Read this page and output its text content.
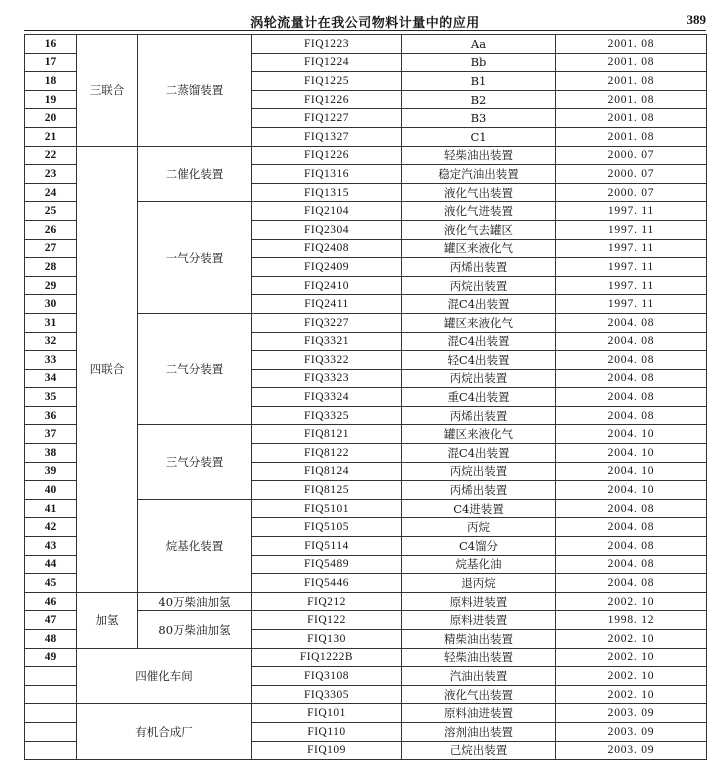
涡轮流量计在我公司物料计量中的应用	389
16	三联合	二蒸馏装置	FIQ1223	Aa	2001. 08
17			FIQ1224	Bb	2001. 08
18			FIQ1225	B1	2001. 08
19			FIQ1226	B2	2001. 08
20			FIQ1227	B3	2001. 08
21			FIQ1327	C1	2001. 08
22	四联合	二催化装置	FIQ1226	轻柴油出装置	2000. 07
23			FIQ1316	稳定汽油出装置	2000. 07
24			FIQ1315	液化气出装置	2000. 07
25		一气分装置	FIQ2104	液化气进装置	1997. 11
26			FIQ2304	液化气去罐区	1997. 11
27			FIQ2408	罐区来液化气	1997. 11
28			FIQ2409	丙烯出装置	1997. 11
29			FIQ2410	丙烷出装置	1997. 11
30			FIQ2411	混C4出装置	1997. 11
31		二气分装置	FIQ3227	罐区来液化气	2004. 08
32			FIQ3321	混C4出装置	2004. 08
33			FIQ3322	轻C4出装置	2004. 08
34			FIQ3323	丙烷出装置	2004. 08
35			FIQ3324	重C4出装置	2004. 08
36			FIQ3325	丙烯出装置	2004. 08
37		三气分装置	FIQ8121	罐区来液化气	2004. 10
38			FIQ8122	混C4出装置	2004. 10
39			FIQ8124	丙烷出装置	2004. 10
40			FIQ8125	丙烯出装置	2004. 10
41		烷基化装置	FIQ5101	C4进装置	2004. 08
42			FIQ5105	丙烷	2004. 08
43			FIQ5114	C4馏分	2004. 08
44			FIQ5489	烷基化油	2004. 08
45			FIQ5446	退丙烷	2004. 08
46	加氢	40万柴油加氢	FIQ212	原料进装置	2002. 10
47		80万柴油加氢	FIQ122	原料进装置	1998. 12
48			FIQ130	精柴油出装置	2002. 10
49	四催化车间		FIQ1222B	轻柴油出装置	2002. 10
			FIQ3108	汽油出装置	2002. 10
			FIQ3305	液化气出装置	2002. 10
	有机合成厂		FIQ101	原料油进装置	2003. 09
			FIQ110	溶剂油出装置	2003. 09
			FIQ109	己烷出装置	2003. 09
